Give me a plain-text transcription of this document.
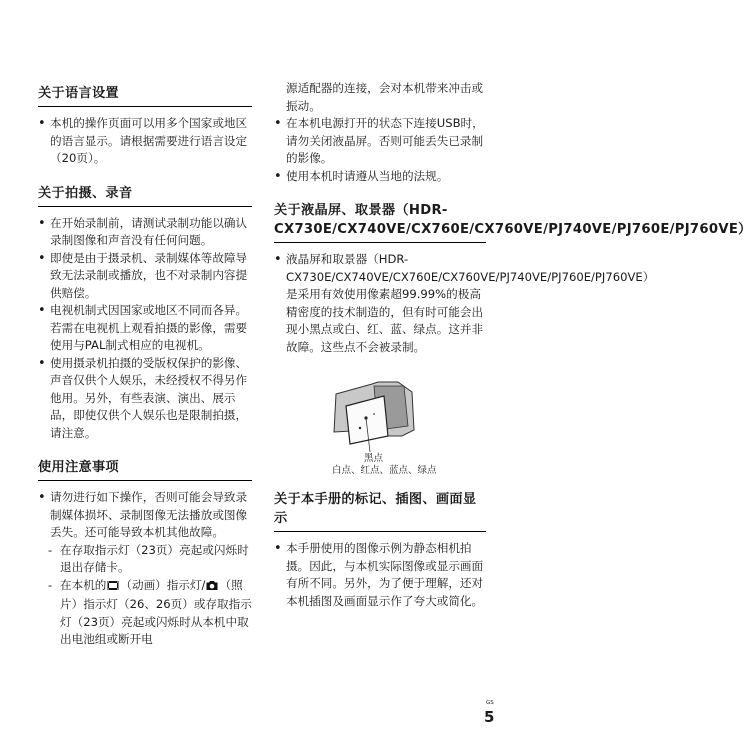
关于语言设置
• 本机的操作页面可以用多个国家或地区的语言显示。请根据需要进行语言设定（20页）。
关于拍摄、录音
• 在开始录制前，请测试录制功能以确认录制图像和声音没有任何问题。
• 即使是由于摄录机、录制媒体等故障导致无法录制或播放，也不对录制内容提供赔偿。
• 电视机制式因国家或地区不同而各异。若需在电视机上观看拍摄的影像，需要使用与PAL制式相应的电视机。
• 使用摄录机拍摄的受版权保护的影像、声音仅供个人娱乐，未经授权不得另作他用。另外，有些表演、演出、展示品，即使仅供个人娱乐也是限制拍摄，请注意。
使用注意事项
• 请勿进行如下操作，否则可能会导致录制媒体损坏、录制图像无法播放或图像丢失。还可能导致本机其他故障。
- 在存取指示灯（23页）亮起或闪烁时退出存储卡。
- 在本机的 （动画）指示灯/ （照片）指示灯（26、26页）或存取指示灯（23页）亮起或闪烁时从本机中取出电池组或断开电
源适配器的连接，会对本机带来冲击或振动。
• 在本机电源打开的状态下连接USB时，请勿关闭液晶屏。否则可能丢失已录制的影像。
• 使用本机时请遵从当地的法规。
关于液晶屏、取景器（HDR-CX730E/CX740VE/CX760E/CX760VE/PJ740VE/PJ760E/PJ760VE）
• 液晶屏和取景器（HDR-CX730E/CX740VE/CX760E/CX760VE/PJ740VE/PJ760E/PJ760VE）是采用有效使用像素超99.99%的极高精密度的技术制造的，但有时可能会出现小黑点或白、红、蓝、绿点。这并非故障。这些点不会被录制。
黑点
白点、红点、蓝点、绿点
关于本手册的标记、插图、画面显示
• 本手册使用的图像示例为静态相机拍摄。因此，与本机实际图像或显示画面有所不同。另外，为了便于理解，还对本机插图及画面显示作了夸大或简化。
GS
5
